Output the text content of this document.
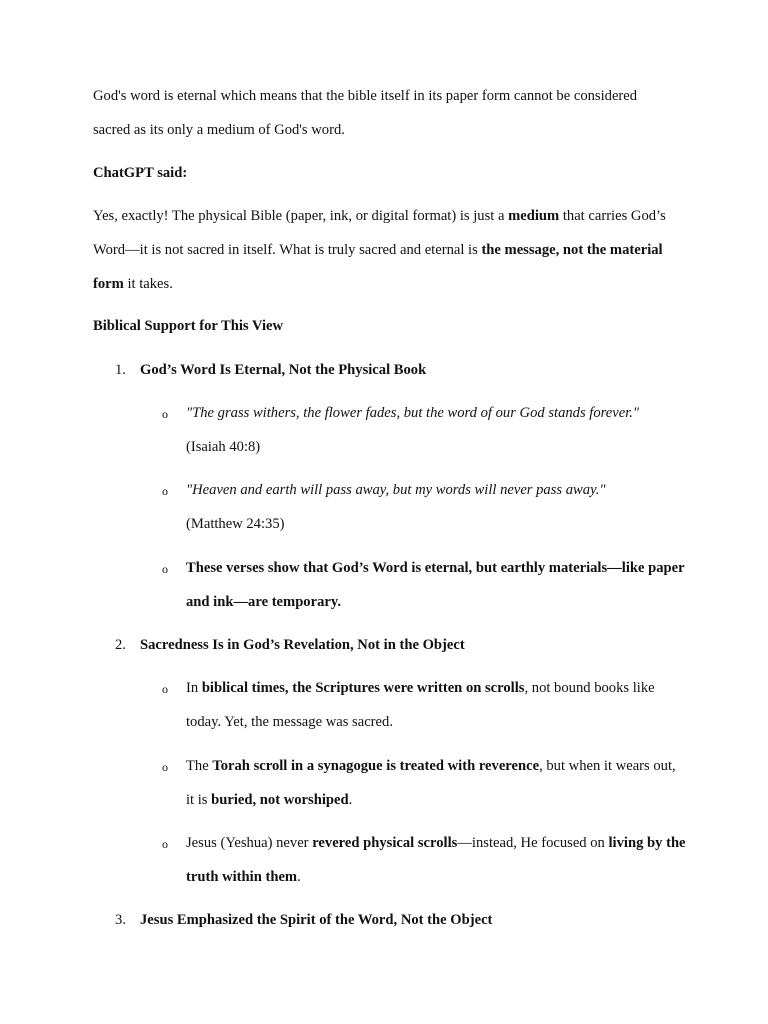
God's word is eternal which means that the bible itself in its paper form cannot be considered
sacred as its only a medium of God's word.

ChatGPT said:

Yes, exactly! The physical Bible (paper, ink, or digital format) is just a medium that carries God’s Word—it is not sacred in itself. What is truly sacred and eternal is the message, not the material form it takes.

Biblical Support for This View

1. God’s Word Is Eternal, Not the Physical Book
o "The grass withers, the flower fades, but the word of our God stands forever."
(Isaiah 40:8)
o "Heaven and earth will pass away, but my words will never pass away."
(Matthew 24:35)
o These verses show that God’s Word is eternal, but earthly materials—like paper and ink—are temporary.
2. Sacredness Is in God’s Revelation, Not in the Object
o In biblical times, the Scriptures were written on scrolls, not bound books like today. Yet, the message was sacred.
o The Torah scroll in a synagogue is treated with reverence, but when it wears out, it is buried, not worshiped.
o Jesus (Yeshua) never revered physical scrolls—instead, He focused on living by the truth within them.
3. Jesus Emphasized the Spirit of the Word, Not the Object
